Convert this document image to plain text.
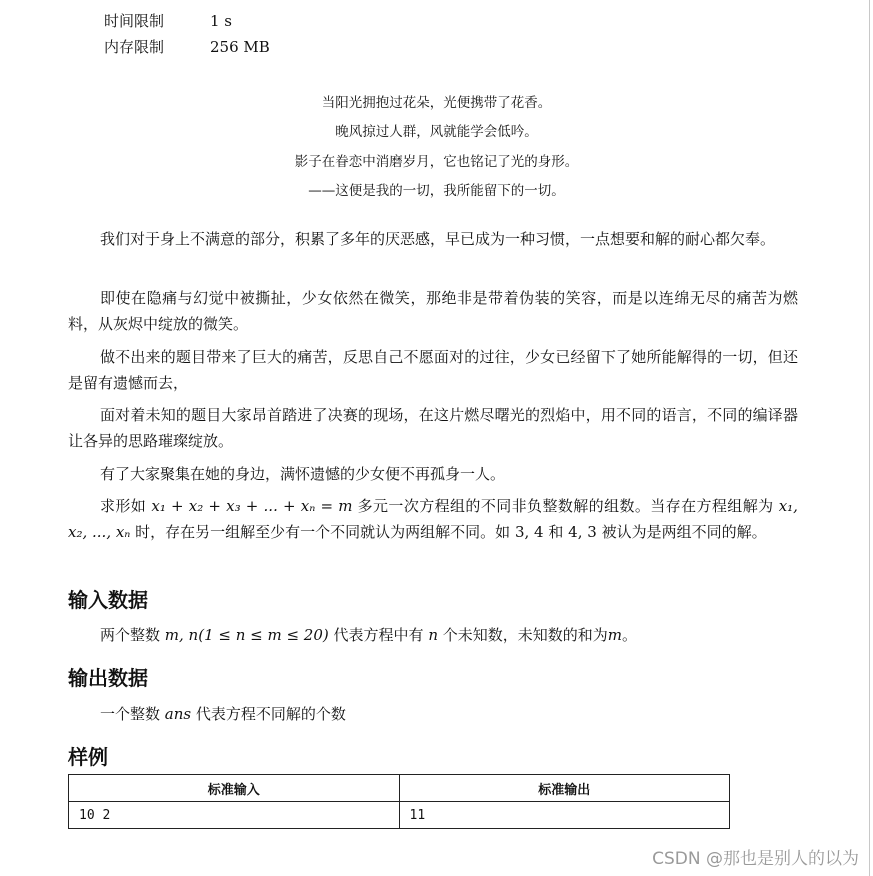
时间限制	1 s
内存限制	256 MB
当阳光拥抱过花朵，光便携带了花香。
晚风掠过人群，风就能学会低吟。
影子在眷恋中消磨岁月，它也铭记了光的身形。
——这便是我的一切，我所能留下的一切。

我们对于身上不满意的部分，积累了多年的厌恶感，早已成为一种习惯，一点想要和解的耐心都欠奉。

即使在隐痛与幻觉中被撕扯，少女依然在微笑，那绝非是带着伪装的笑容，而是以连绵无尽的痛苦为燃料，从灰烬中绽放的微笑。

做不出来的题目带来了巨大的痛苦，反思自己不愿面对的过往，少女已经留下了她所能解得的一切，但还是留有遗憾而去，

面对着未知的题目大家昂首踏进了决赛的现场，在这片燃尽曙光的烈焰中，用不同的语言，不同的编译器让各异的思路璀璨绽放。

有了大家聚集在她的身边，满怀遗憾的少女便不再孤身一人。

求形如 x₁ + x₂ + x₃ + ... + xₙ = m 多元一次方程组的不同非负整数解的组数。当存在方程组解为 x₁, x₂, ..., xₙ 时，存在另一组解至少有一个不同就认为两组解不同。如 3, 4 和 4, 3 被认为是两组不同的解。

输入数据
两个整数 m, n(1 ≤ n ≤ m ≤ 20) 代表方程中有 n 个未知数，未知数的和为m。
输出数据
一个整数 ans 代表方程不同解的个数
样例
标准输入	标准输出
10 2	11
CSDN @那也是别人的以为
